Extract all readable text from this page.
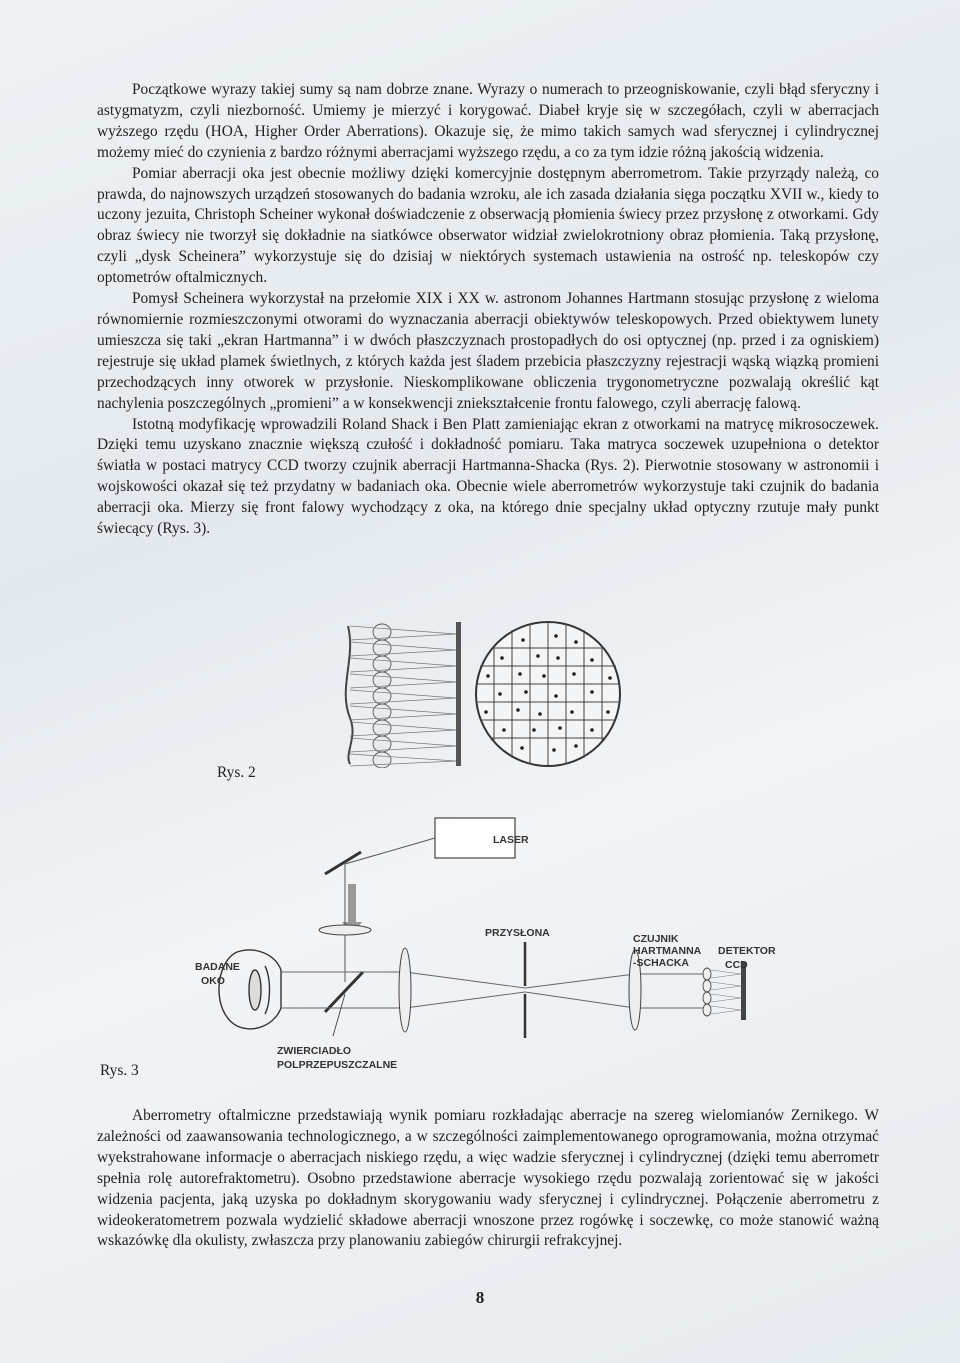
Początkowe wyrazy takiej sumy są nam dobrze znane. Wyrazy o numerach to przeogniskowanie, czyli błąd sferyczny i astygmatyzm, czyli niezborność. Umiemy je mierzyć i korygować. Diabeł kryje się w szczegółach, czyli w aberracjach wyższego rzędu (HOA, Higher Order Aberrations). Okazuje się, że mimo takich samych wad sferycznej i cylindrycznej możemy mieć do czynienia z bardzo różnymi aberracjami wyższego rzędu, a co za tym idzie różną jakością widzenia.

Pomiar aberracji oka jest obecnie możliwy dzięki komercyjnie dostępnym aberrometrom. Takie przyrządy należą, co prawda, do najnowszych urządzeń stosowanych do badania wzroku, ale ich zasada działania sięga początku XVII w., kiedy to uczony jezuita, Christoph Scheiner wykonał doświadczenie z obserwacją płomienia świecy przez przysłonę z otworkami. Gdy obraz świecy nie tworzył się dokładnie na siatkówce obserwator widział zwielokrotniony obraz płomienia. Taką przysłonę, czyli „dysk Scheinera” wykorzystuje się do dzisiaj w niektórych systemach ustawienia na ostrość np. teleskopów czy optometrów oftalmicznych.

Pomysł Scheinera wykorzystał na przełomie XIX i XX w. astronom Johannes Hartmann stosując przysłonę z wieloma równomiernie rozmieszczonymi otworami do wyznaczania aberracji obiektywów teleskopowych. Przed obiektywem lunety umieszcza się taki „ekran Hartmanna” i w dwóch płaszczyznach prostopadłych do osi optycznej (np. przed i za ogniskiem) rejestruje się układ plamek świetlnych, z których każda jest śladem przebicia płaszczyzny rejestracji wąską wiązką promieni przechodzących inny otworek w przysłonie. Nieskomplikowane obliczenia trygonometryczne pozwalają określić kąt nachylenia poszczególnych „promieni” a w konsekwencji zniekształcenie frontu falowego, czyli aberrację falową.

Istotną modyfikację wprowadzili Roland Shack i Ben Platt zamieniając ekran z otworkami na matrycę mikrosoczewek. Dzięki temu uzyskano znacznie większą czułość i dokładność pomiaru. Taka matryca soczewek uzupełniona o detektor światła w postaci matrycy CCD tworzy czujnik aberracji Hartmanna-Shacka (Rys. 2). Pierwotnie stosowany w astronomii i wojskowości okazał się też przydatny w badaniach oka. Obecnie wiele aberrometrów wykorzystuje taki czujnik do badania aberracji oka. Mierzy się front falowy wychodzący z oka, na którego dnie specjalny układ optyczny rzutuje mały punkt świecący (Rys. 3).

Rys. 2
LASER
BADANE
OKO
PRZYSŁONA	CZUJNIK
HARTMANNA
-SCHACKA
DETEKTOR
CCD
ZWIERCIADŁO
POLPRZEPUSZCZALNE
Rys. 3

Aberrometry oftalmiczne przedstawiają wynik pomiaru rozkładając aberracje na szereg wielomianów Zernikego. W zależności od zaawansowania technologicznego, a w szczególności zaimplementowanego oprogramowania, można otrzymać wyekstrahowane informacje o aberracjach niskiego rzędu, a więc wadzie sferycznej i cylindrycznej (dzięki temu aberrometr spełnia rolę autorefraktometru). Osobno przedstawione aberracje wysokiego rzędu pozwalają zorientować się w jakości widzenia pacjenta, jaką uzyska po dokładnym skorygowaniu wady sferycznej i cylindrycznej. Połączenie aberrometru z wideokeratometrem pozwala wydzielić składowe aberracji wnoszone przez rogówkę i soczewkę, co może stanowić ważną wskazówkę dla okulisty, zwłaszcza przy planowaniu zabiegów chirurgii refrakcyjnej.

8
